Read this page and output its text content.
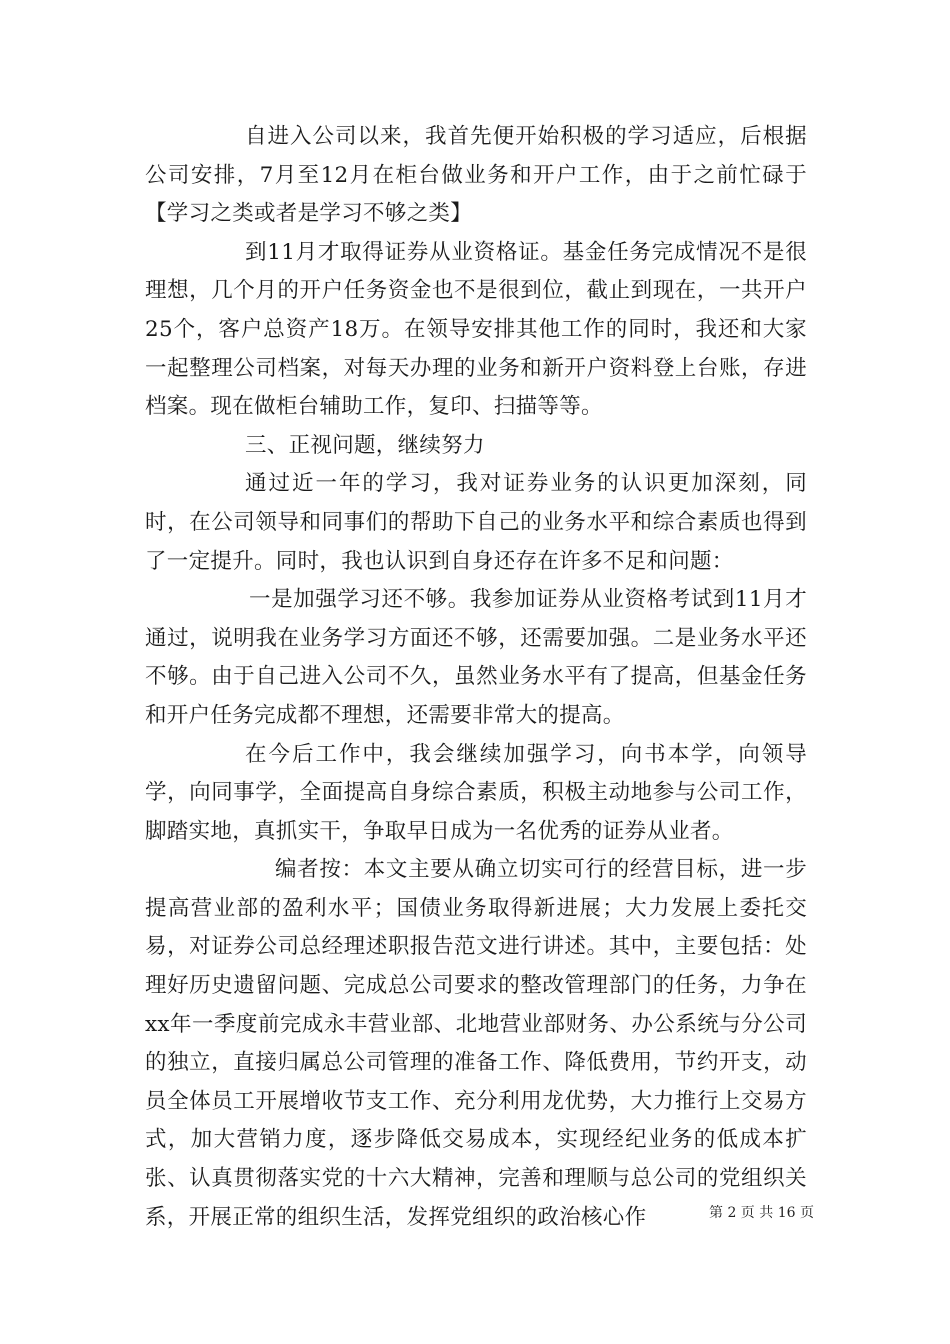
自进入公司以来，我首先便开始积极的学习适应，后根据公司安排，7月至12月在柜台做业务和开户工作，由于之前忙碌于【学习之类或者是学习不够之类】

到11月才取得证券从业资格证。基金任务完成情况不是很理想，几个月的开户任务资金也不是很到位，截止到现在，一共开户25个，客户总资产18万。在领导安排其他工作的同时，我还和大家一起整理公司档案，对每天办理的业务和新开户资料登上台账，存进档案。现在做柜台辅助工作，复印、扫描等等。

三、正视问题，继续努力

通过近一年的学习，我对证券业务的认识更加深刻，同时，在公司领导和同事们的帮助下自己的业务水平和综合素质也得到了一定提升。同时，我也认识到自身还存在许多不足和问题：

一是加强学习还不够。我参加证券从业资格考试到11月才通过，说明我在业务学习方面还不够，还需要加强。二是业务水平还不够。由于自己进入公司不久，虽然业务水平有了提高，但基金任务和开户任务完成都不理想，还需要非常大的提高。

在今后工作中，我会继续加强学习，向书本学，向领导学，向同事学，全面提高自身综合素质，积极主动地参与公司工作，脚踏实地，真抓实干，争取早日成为一名优秀的证券从业者。

编者按：本文主要从确立切实可行的经营目标，进一步提高营业部的盈利水平；国债业务取得新进展；大力发展上委托交易，对证券公司总经理述职报告范文进行讲述。其中，主要包括：处理好历史遗留问题、完成总公司要求的整改管理部门的任务，力争在xx年一季度前完成永丰营业部、北地营业部财务、办公系统与分公司的独立，直接归属总公司管理的准备工作、降低费用，节约开支，动员全体员工开展增收节支工作、充分利用龙优势，大力推行上交易方式，加大营销力度，逐步降低交易成本，实现经纪业务的低成本扩张、认真贯彻落实党的十六大精神，完善和理顺与总公司的党组织关系，开展正常的组织生活，发挥党组织的政治核心作	第 2 页 共 16 页
